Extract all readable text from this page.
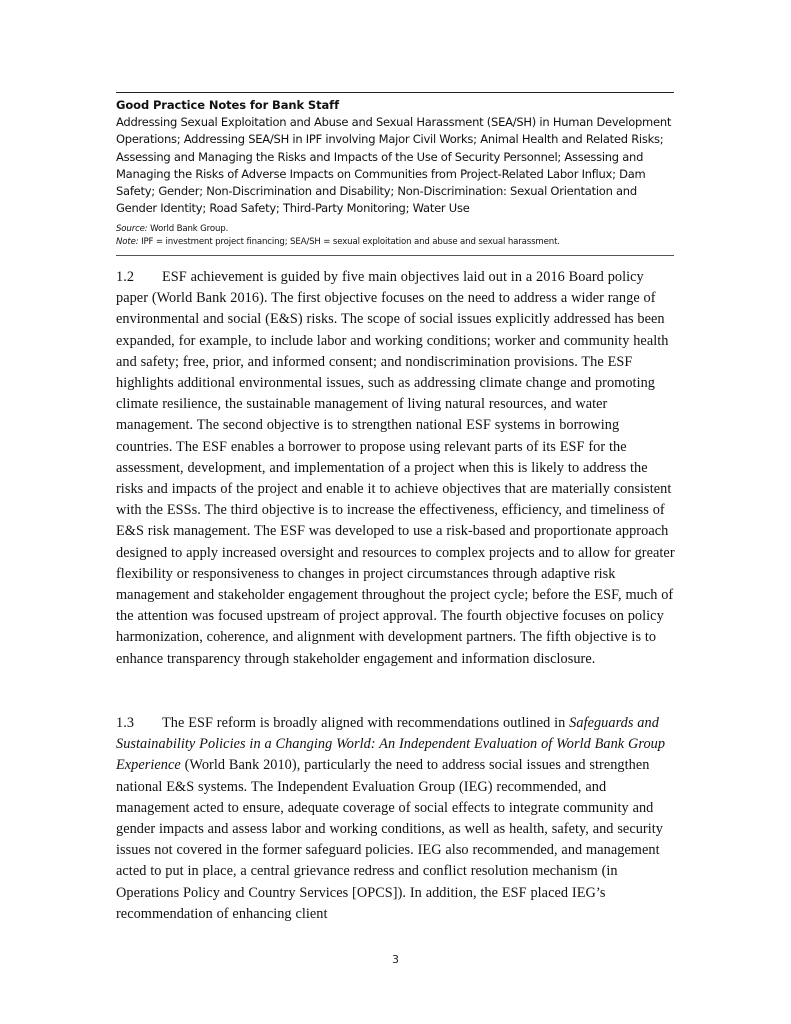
Good Practice Notes for Bank Staff
Addressing Sexual Exploitation and Abuse and Sexual Harassment (SEA/SH) in Human Development Operations; Addressing SEA/SH in IPF involving Major Civil Works; Animal Health and Related Risks; Assessing and Managing the Risks and Impacts of the Use of Security Personnel; Assessing and Managing the Risks of Adverse Impacts on Communities from Project-Related Labor Influx; Dam Safety; Gender; Non-Discrimination and Disability; Non-Discrimination: Sexual Orientation and Gender Identity; Road Safety; Third-Party Monitoring; Water Use
Source: World Bank Group.
Note: IPF = investment project financing; SEA/SH = sexual exploitation and abuse and sexual harassment.
1.2 ESF achievement is guided by five main objectives laid out in a 2016 Board policy paper (World Bank 2016). The first objective focuses on the need to address a wider range of environmental and social (E&S) risks. The scope of social issues explicitly addressed has been expanded, for example, to include labor and working conditions; worker and community health and safety; free, prior, and informed consent; and nondiscrimination provisions. The ESF highlights additional environmental issues, such as addressing climate change and promoting climate resilience, the sustainable management of living natural resources, and water management. The second objective is to strengthen national ESF systems in borrowing countries. The ESF enables a borrower to propose using relevant parts of its ESF for the assessment, development, and implementation of a project when this is likely to address the risks and impacts of the project and enable it to achieve objectives that are materially consistent with the ESSs. The third objective is to increase the effectiveness, efficiency, and timeliness of E&S risk management. The ESF was developed to use a risk-based and proportionate approach designed to apply increased oversight and resources to complex projects and to allow for greater flexibility or responsiveness to changes in project circumstances through adaptive risk management and stakeholder engagement throughout the project cycle; before the ESF, much of the attention was focused upstream of project approval. The fourth objective focuses on policy harmonization, coherence, and alignment with development partners. The fifth objective is to enhance transparency through stakeholder engagement and information disclosure.
1.3 The ESF reform is broadly aligned with recommendations outlined in Safeguards and Sustainability Policies in a Changing World: An Independent Evaluation of World Bank Group Experience (World Bank 2010), particularly the need to address social issues and strengthen national E&S systems. The Independent Evaluation Group (IEG) recommended, and management acted to ensure, adequate coverage of social effects to integrate community and gender impacts and assess labor and working conditions, as well as health, safety, and security issues not covered in the former safeguard policies. IEG also recommended, and management acted to put in place, a central grievance redress and conflict resolution mechanism (in Operations Policy and Country Services [OPCS]). In addition, the ESF placed IEG’s recommendation of enhancing client
3
